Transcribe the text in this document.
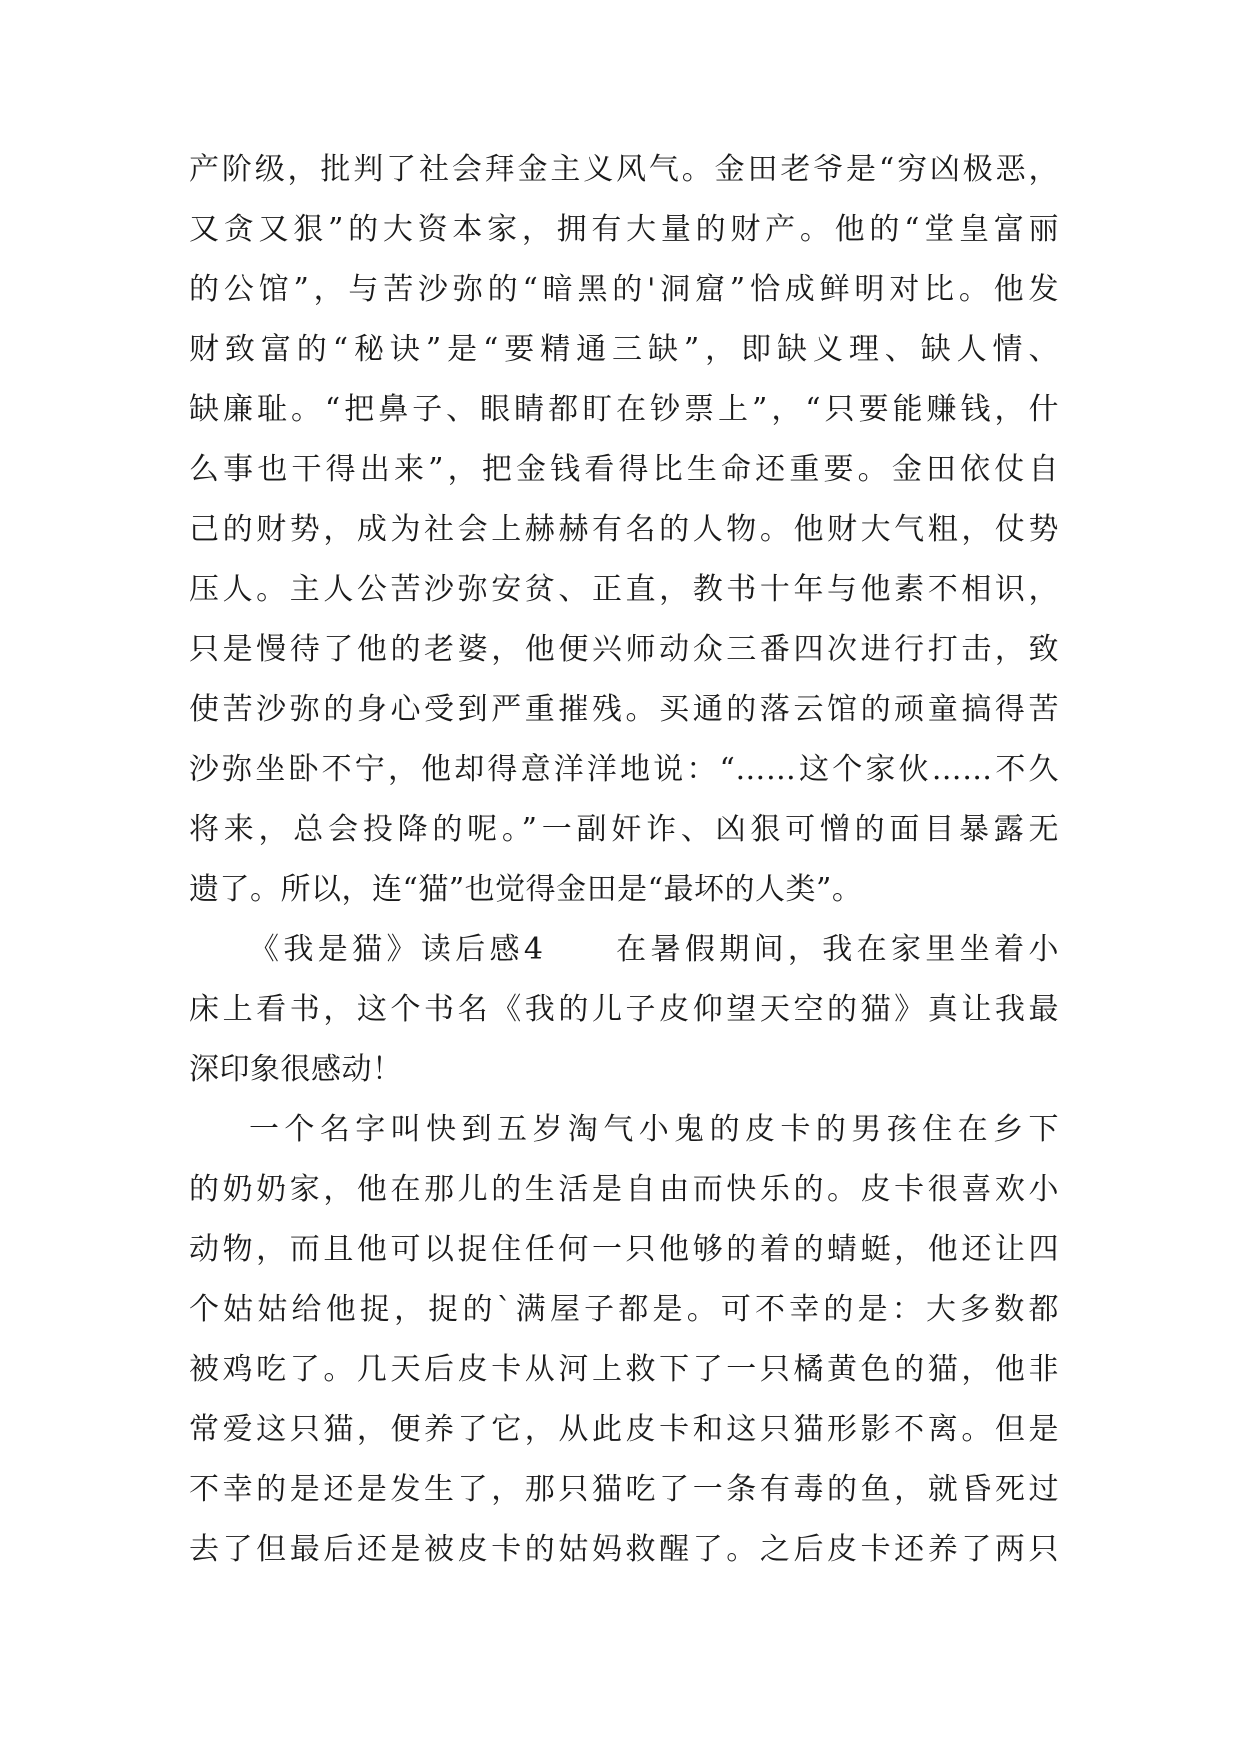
产阶级，批判了社会拜金主义风气。金田老爷是“穷凶极恶，
又贪又狠”的大资本家，拥有大量的财产。他的“堂皇富丽
的公馆”，与苦沙弥的“暗黑的'洞窟”恰成鲜明对比。他发
财致富的“秘诀”是“要精通三缺”，即缺义理、缺人情、
缺廉耻。“把鼻子、眼睛都盯在钞票上”，“只要能赚钱，什
么事也干得出来”，把金钱看得比生命还重要。金田依仗自
己的财势，成为社会上赫赫有名的人物。他财大气粗，仗势
压人。主人公苦沙弥安贫、正直，教书十年与他素不相识，
只是慢待了他的老婆，他便兴师动众三番四次进行打击，致
使苦沙弥的身心受到严重摧残。买通的落云馆的顽童搞得苦
沙弥坐卧不宁，他却得意洋洋地说：“……这个家伙……不久
将来，总会投降的呢。”一副奸诈、凶狠可憎的面目暴露无
遗了。所以，连“猫”也觉得金田是“最坏的人类”。
《我是猫》读后感4　　在暑假期间，我在家里坐着小
床上看书，这个书名《我的儿子皮仰望天空的猫》真让我最
深印象很感动！
一个名字叫快到五岁淘气小鬼的皮卡的男孩住在乡下
的奶奶家，他在那儿的生活是自由而快乐的。皮卡很喜欢小
动物，而且他可以捉住任何一只他够的着的蜻蜓，他还让四
个姑姑给他捉，捉的`满屋子都是。可不幸的是：大多数都
被鸡吃了。几天后皮卡从河上救下了一只橘黄色的猫，他非
常爱这只猫，便养了它，从此皮卡和这只猫形影不离。但是
不幸的是还是发生了，那只猫吃了一条有毒的鱼，就昏死过
去了但最后还是被皮卡的姑妈救醒了。之后皮卡还养了两只
